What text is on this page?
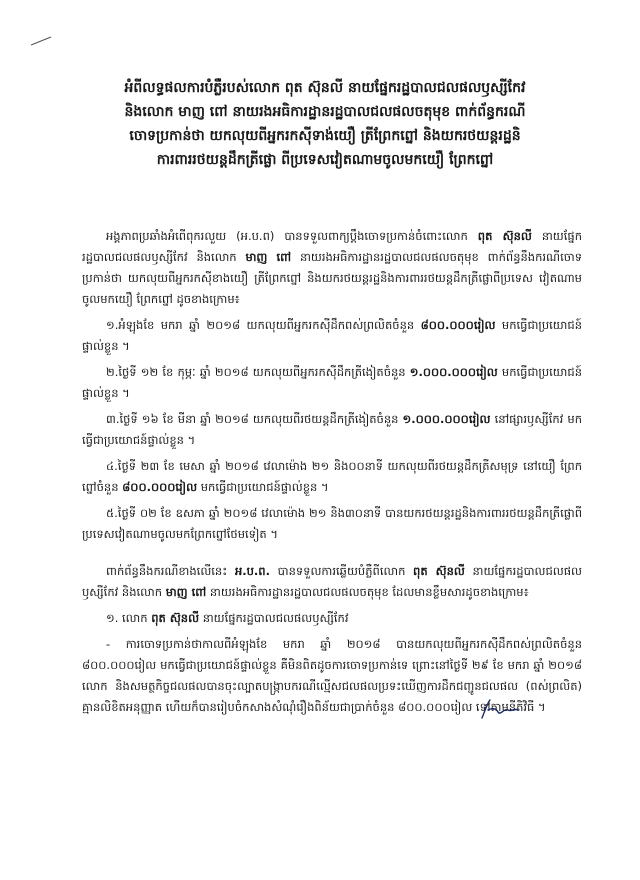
អំពីលទ្ធផលការបំភ្លឺរបស់លោក ពុត ស៊ុនលី នាយផ្នែករដ្ឋបាលជលផលឫស្សីកែវ
និងលោក មាញ ពៅ នាយរងអធិការដ្ឋានរដ្ឋបាលជលផលចតុមុខ ពាក់ព័ន្ធករណី
ចោទប្រកាន់ថា យកលុយពីអ្នករកស៊ីទាង់យឿ ត្រីព្រែកព្នៅ និងយករថយន្តរដ្ឋនិ
ការពាររថយន្តដឹកត្រីផ្លោ ពីប្រទេសវៀតណាមចូលមកយឿ ព្រែកព្នៅ

អង្គភាពប្រឆាំងអំពើពុករលួយ (អ.ប.ព) បានទទួលពាក្យប្តឹងចោទប្រកាន់ចំពោះលោក ពុត ស៊ុនលី នាយផ្នែករដ្ឋបាលជលផលឫស្សីកែវ និងលោក មាញ ពៅ នាយរងអធិការដ្ឋានរដ្ឋបាលជលផលចតុមុខ ពាក់ព័ន្ធនឹងករណីចោទប្រកាន់ថា យកលុយពីអ្នករកស៊ីខាងយឿ ត្រីព្រែកព្នៅ និងយករថយន្តរដ្ឋនិងការពាររថយន្តដឹកត្រីផ្លោពីប្រទេស វៀតណាមចូលមកយឿ ព្រែកព្នៅ ដូចខាងក្រោម៖

១.អំឡុងខែ មករា ឆ្នាំ ២០១៨ យកលុយពីអ្នករកស៊ីដឹកពស់ព្រលិតចំនួន ៨០០.០០០រៀល មកធ្វើជាប្រយោជន៍ផ្ទាល់ខ្លួន ។

២.ថ្ងៃទី ១២ ខែ កុម្ភៈ ឆ្នាំ ២០១៨ យកលុយពីអ្នករកស៊ីដឹកត្រីងៀតចំនួន ១.០០០.០០០រៀល មកធ្វើជាប្រយោជន៍ផ្ទាល់ខ្លួន ។

៣.ថ្ងៃទី ១៦ ខែ មីនា ឆ្នាំ ២០១៨ យកលុយពីរថយន្តដឹកត្រីងៀតចំនួន ១.០០០.០០០រៀល នៅផ្សារឫស្សីកែវ មកធ្វើជាប្រយោជន៍ផ្ទាល់ខ្លួន ។

៤.ថ្ងៃទី ២៣ ខែ មេសា ឆ្នាំ ២០១៨ វេលាម៉ោង ២១ និង០០នាទី យកលុយពីរថយន្តដឹកត្រីសមុទ្រ នៅយឿ ព្រែកព្នៅចំនួន ៨០០.០០០រៀល មកធ្វើជាប្រយោជន៍ផ្ទាល់ខ្លួន ។

៥.ថ្ងៃទី ០២ ខែ ឧសភា ឆ្នាំ ២០១៨ វេលាម៉ោង ២១ និង៣០នាទី បានយករថយន្តរដ្ឋនិងការពាររថយន្តដឹកត្រីផ្លោពីប្រទេសវៀតណាមចូលមកព្រែកព្នៅថែមទៀត ។

ពាក់ព័ន្ធនឹងករណីខាងលើនេះ អ.ប.ព. បានទទួលការឆ្លើយបំភ្លឺពីលោក ពុត ស៊ុនលី នាយផ្នែករដ្ឋបាលជលផលឫស្សីកែវ និងលោក មាញ ពៅ នាយរងអធិការដ្ឋានរដ្ឋបាលជលផលចតុមុខ ដែលមានខ្លឹមសារដូចខាងក្រោម៖

១. លោក ពុត ស៊ុនលី នាយផ្នែករដ្ឋបាលជលផលឫស្សីកែវ

- ការចោទប្រកាន់ថាកាលពីអំឡុងខែ មករា ឆ្នាំ ២០១៨ បានយកលុយពីអ្នករកស៊ីដឹកពស់ព្រលិតចំនួន ៨០០.០០០រៀល មកធ្វើជាប្រយោជន៍ផ្ទាល់ខ្លួន គឺមិនពិតដូចការចោទប្រកាន់ទេ ព្រោះនៅថ្ងៃទី ២៩ ខែ មករា ឆ្នាំ ២០១៨ លោក និងសមត្ថកិច្ចជលផលបានចុះល្បាតបង្ក្រាបករណីល្មើសជលផលប្រទះឃើញការដឹកជញ្ជូនជលផល (ពស់ព្រលិត) គ្មានលិខិតអនុញ្ញាត ហើយក៏បានរៀបចំកសាងសំណុំរឿងពិន័យជាប្រាក់ចំនួន ៨០០.០០០រៀល ទៅតាមនីតិវិធី ។
